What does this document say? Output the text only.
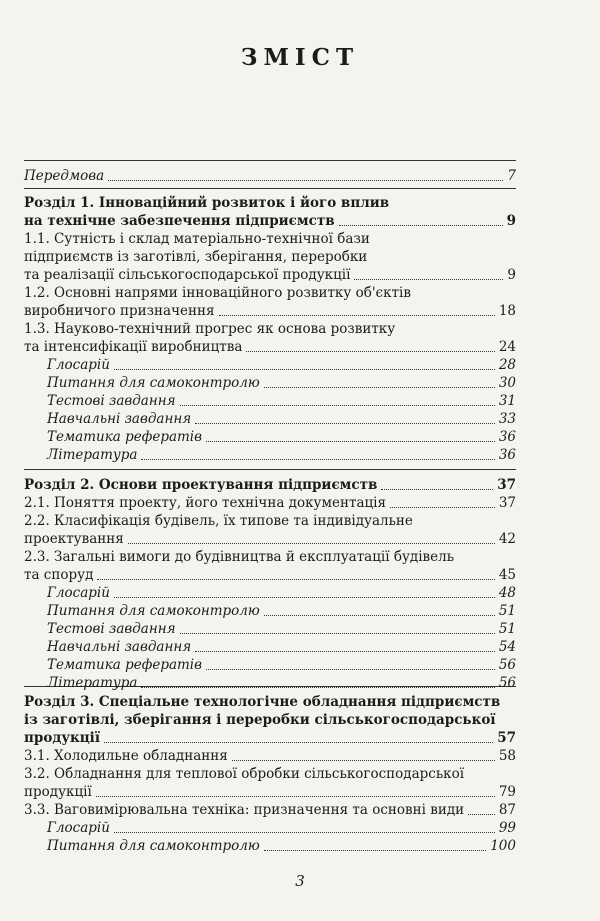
ЗМІСТ
Передмова	7
Розділ 1. Інноваційний розвиток і його вплив
на технічне забезпечення підприємств	9
1.1. Сутність і склад матеріально-технічної бази
підприємств із заготівлі, зберігання, переробки
та реалізації сільськогосподарської продукції	9
1.2. Основні напрями інноваційного розвитку об'єктів
виробничого призначення	18
1.3. Науково-технічний прогрес як основа розвитку
та інтенсифікації виробництва	24
Глосарій	28
Питання для самоконтролю	30
Тестові завдання	31
Навчальні завдання	33
Тематика рефератів	36
Література	36
Розділ 2. Основи проектування підприємств	37
2.1. Поняття проекту, його технічна документація	37
2.2. Класифікація будівель, їх типове та індивідуальне
проектування	42
2.3. Загальні вимоги до будівництва й експлуатації будівель
та споруд	45
Глосарій	48
Питання для самоконтролю	51
Тестові завдання	51
Навчальні завдання	54
Тематика рефератів	56
Література	56
Розділ 3. Спеціальне технологічне обладнання підприємств
із заготівлі, зберігання і переробки сільськогосподарської
продукції	57
3.1. Холодильне обладнання	58
3.2. Обладнання для теплової обробки сільськогосподарської
продукції	79
3.3. Ваговимірювальна техніка: призначення та основні види	87
Глосарій	99
Питання для самоконтролю	100
3
